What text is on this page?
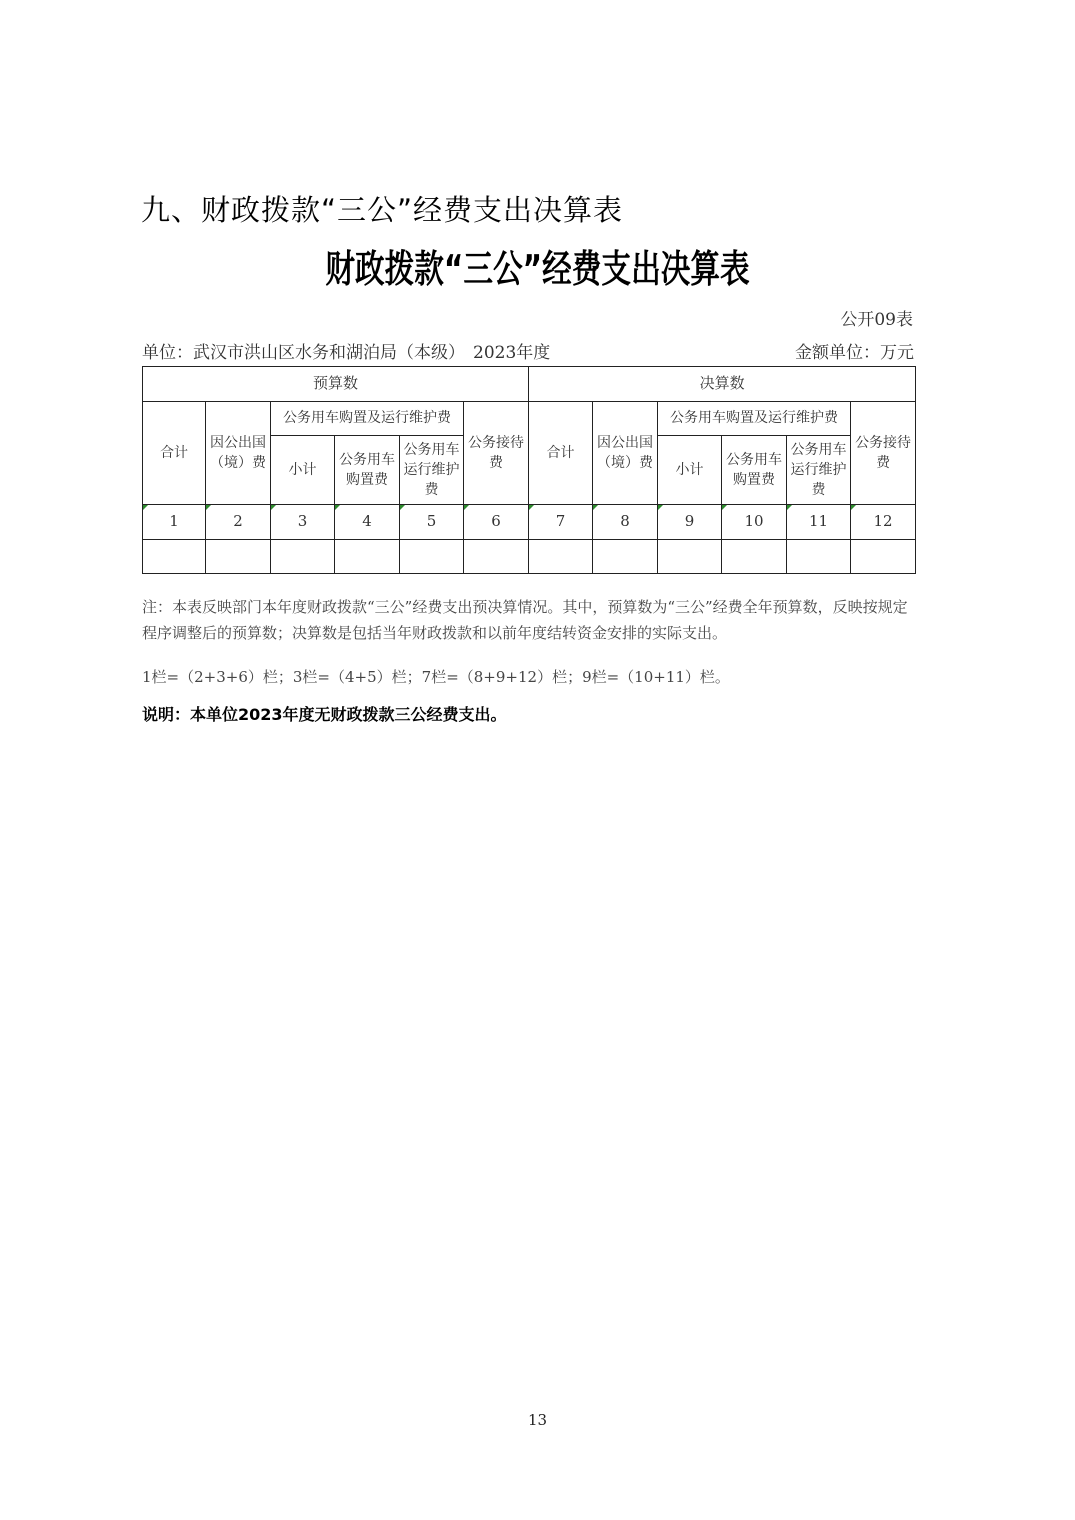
九、财政拨款“三公”经费支出决算表
财政拨款“三公”经费支出决算表
公开09表
单位：武汉市洪山区水务和湖泊局（本级） 2023年度	金额单位：万元
预算数						决算数					
合计	因公出国（境）费	公务用车购置及运行维护费			公务接待费	合计	因公出国（境）费	公务用车购置及运行维护费			公务接待费
		小计	公务用车购置费	公务用车运行维护费				小计	公务用车购置费	公务用车运行维护费	
1	2	3	4	5	6	7	8	9	10	11	12

注：本表反映部门本年度财政拨款“三公”经费支出预决算情况。其中，预算数为“三公”经费全年预算数，反映按规定程序调整后的预算数；决算数是包括当年财政拨款和以前年度结转资金安排的实际支出。
1栏=（2+3+6）栏；3栏=（4+5）栏；7栏=（8+9+12）栏；9栏=（10+11）栏。
说明：本单位2023年度无财政拨款三公经费支出。
13
